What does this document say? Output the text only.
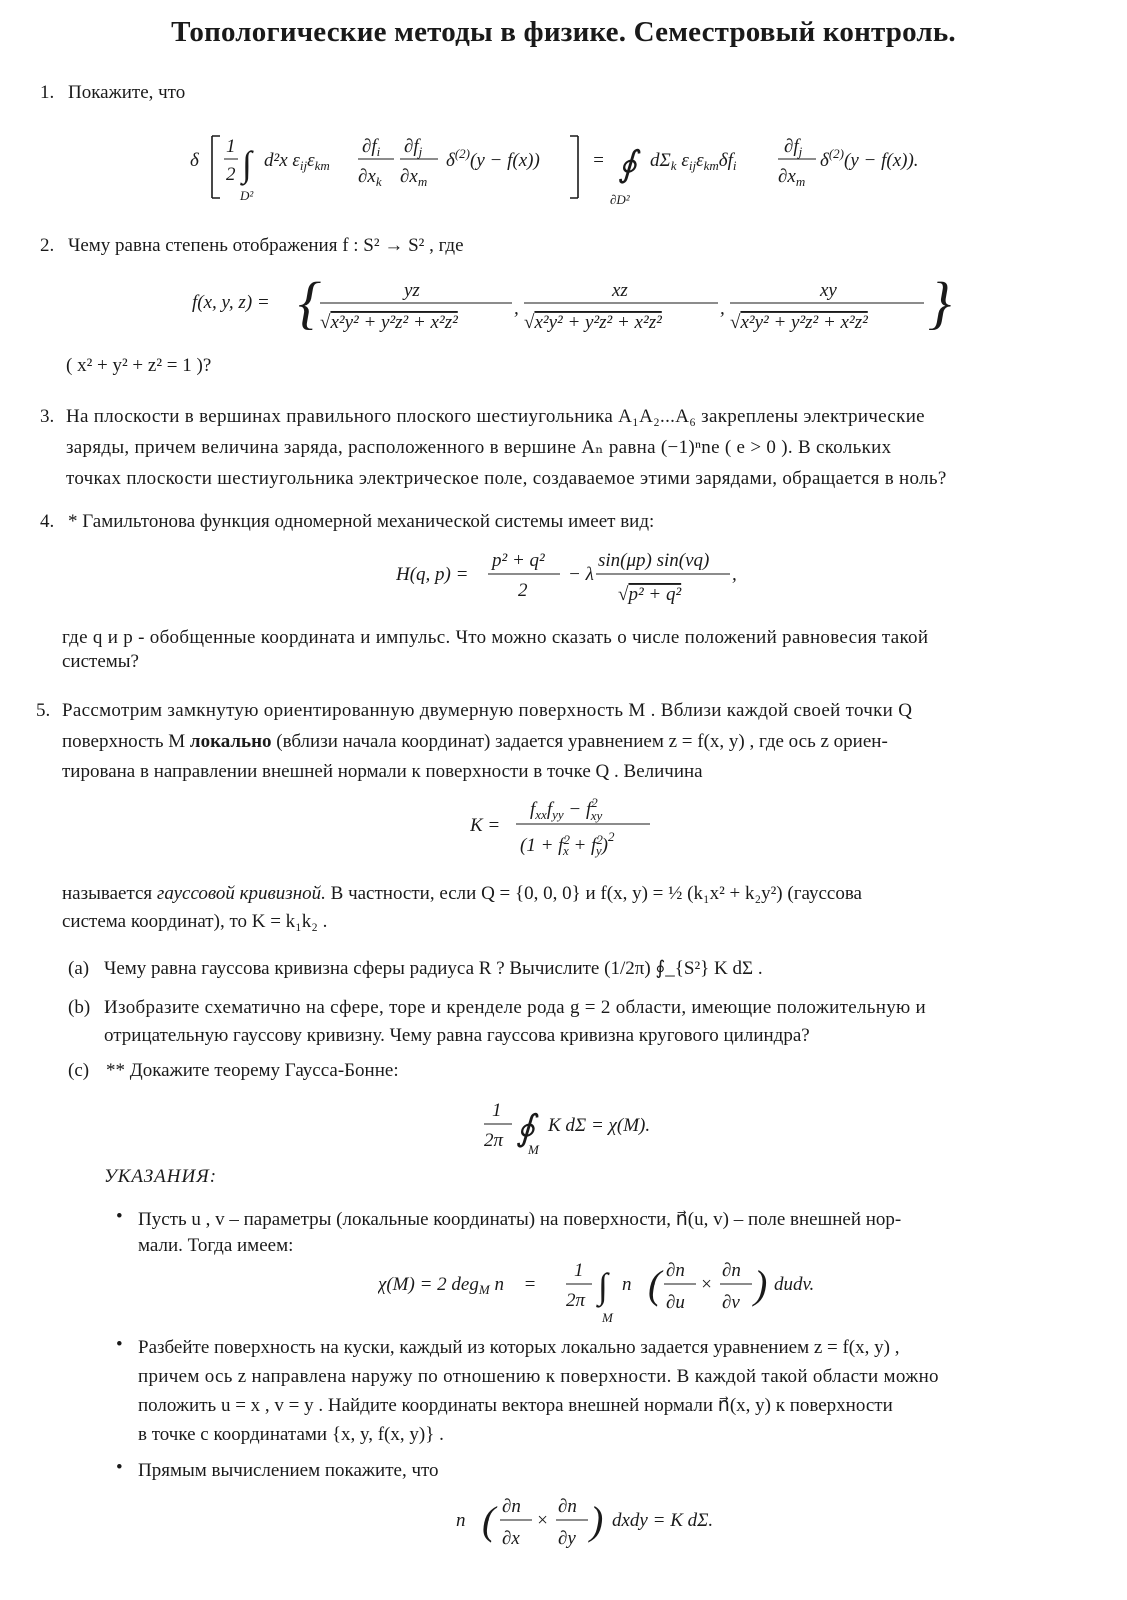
Топологические методы в физике. Семестровый контроль.
1. Покажите, что
δ
1
2 ∫
D²
d²x $\varepsilon_{ij}\varepsilon_{km}$
$\partial f_i$
$\partial x_k$
$\partial f_j$
$\partial x_m$
$\delta^{(2)}(y - f(x))$	= ∮
∂D²
$d\Sigma_k$ $\varepsilon_{ij}\varepsilon_{km}\delta f_i$
$\partial f_j$
$\partial x_m$
$\delta^{(2)}(y - f(x))$.
2. Чему равна степень отображения f : S² → S² , где
f(x, y, z) = {	yz
√x²y² + y²z² + x²z²
,
xz
√x²y² + y²z² + x²z²
,
xy
√x²y² + y²z² + x²z² }
( x² + y² + z² = 1 )?
3. На плоскости в вершинах правильного плоского шестиугольника A₁A₂...A₆ закреплены электрические
заряды, причем величина заряда, расположенного в вершине Aₙ равна (−1)ⁿne ( e > 0 ). В скольких
точках плоскости шестиугольника электрическое поле, создаваемое этими зарядами, обращается в ноль?
4. * Гамильтонова функция одномерной механической системы имеет вид:
H(q, p) =
p² + q²
2
− λ
sin(μp) sin(νq)
√p² + q²
,
где q и p - обобщенные координата и импульс. Что можно сказать о числе положений равновесия такой
системы?
5. Рассмотрим замкнутую ориентированную двумерную поверхность M . Вблизи каждой своей точки Q
поверхность M локально (вблизи начала координат) задается уравнением z = f(x, y) , где ось z ориен-
тирована в направлении внешней нормали к поверхности в точке Q . Величина
K =
$f_{xx}f_{yy} - f^2$ xy
($1 + f^2$ $x + f^2$ y)$^2$
называется гауссовой кривизной. В частности, если Q = {0, 0, 0} и f(x, y) = ½ (k₁x² + k₂y²) (гауссова
система координат), то K = k₁k₂ .
(a) Чему равна гауссова кривизна сферы радиуса R ? Вычислите (1/2π) ∮_{S²} K dΣ .
(b) Изобразите схематично на сфере, торе и кренделе рода g = 2 области, имеющие положительную и
отрицательную гауссову кривизну. Чему равна гауссова кривизна кругового цилиндра?
(c) ** Докажите теорему Гаусса-Бонне:
1
2π ∮
M
K dΣ = χ(M).
УКАЗАНИЯ:
• Пусть u , v – параметры (локальные координаты) на поверхности, n⃗(u, v) – поле внешней нор-
мали. Тогда имеем:
χ(M) = 2 deg$_M$ n⃗ =
1
2π ∫
M
n⃗ ·
( ∂n⃗
∂u
×
∂n⃗
∂v ) dudv.
• Разбейте поверхность на куски, каждый из которых локально задается уравнением z = f(x, y) ,
причем ось z направлена наружу по отношению к поверхности. В каждой такой области можно
положить u = x , v = y . Найдите координаты вектора внешней нормали n⃗(x, y) к поверхности
в точке с координатами {x, y, f(x, y)} .
• Прямым вычислением покажите, что
n⃗ ·
( ∂n⃗
∂x
×
∂n⃗
∂y ) dxdy = K dΣ.
